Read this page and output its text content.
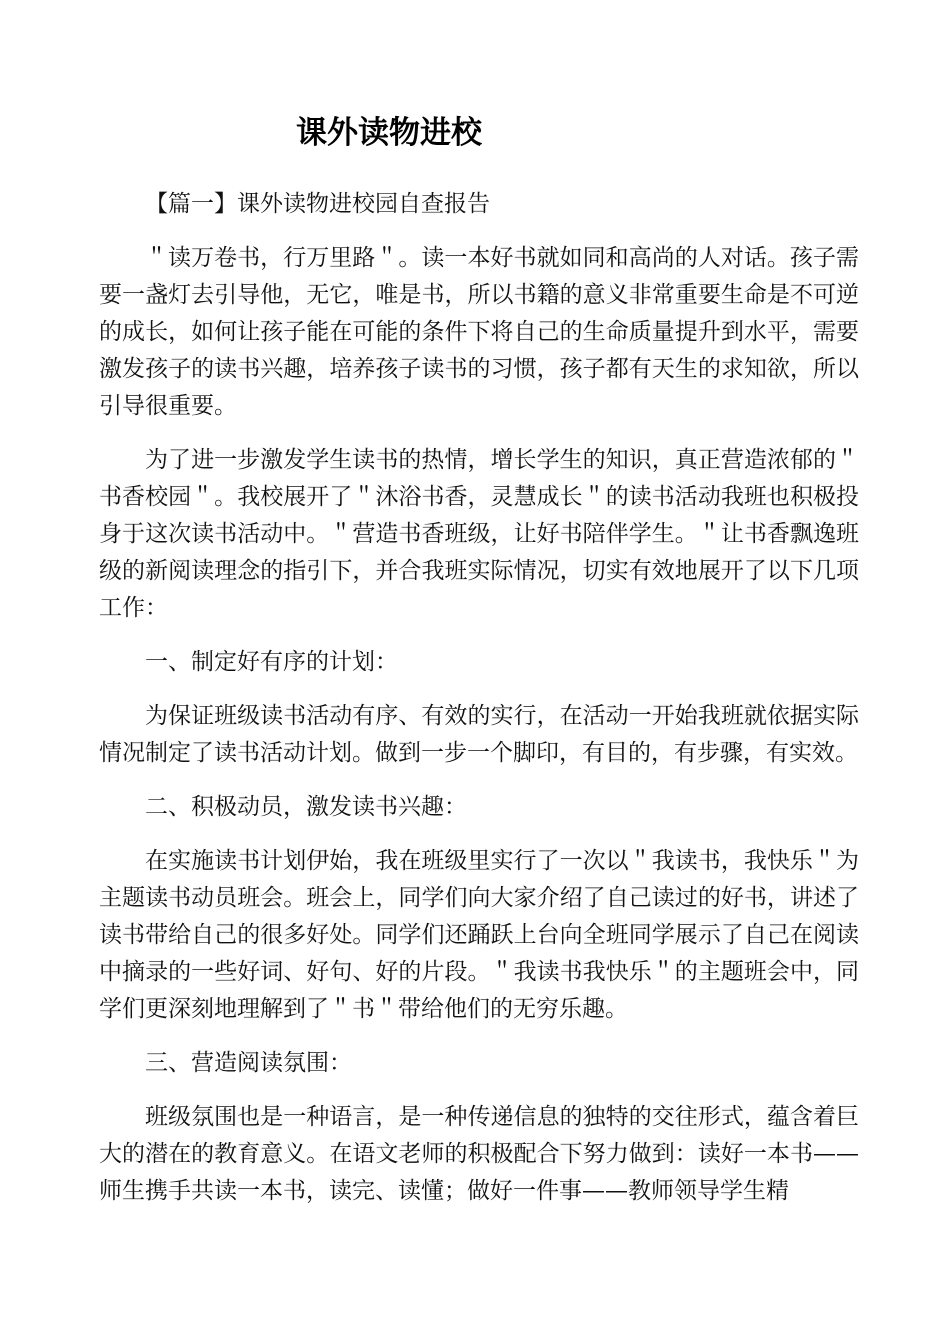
课外读物进校

【篇一】课外读物进校园自查报告

＂读万卷书，行万里路＂。读一本好书就如同和高尚的人对话。孩子需要一盏灯去引导他，无它，唯是书，所以书籍的意义非常重要生命是不可逆的成长，如何让孩子能在可能的条件下将自己的生命质量提升到水平，需要激发孩子的读书兴趣，培养孩子读书的习惯，孩子都有天生的求知欲，所以引导很重要。

为了进一步激发学生读书的热情，增长学生的知识，真正营造浓郁的＂书香校园＂。我校展开了＂沐浴书香，灵慧成长＂的读书活动我班也积极投身于这次读书活动中。＂营造书香班级，让好书陪伴学生。＂让书香飘逸班级的新阅读理念的指引下，并合我班实际情况，切实有效地展开了以下几项工作：

一、制定好有序的计划：

为保证班级读书活动有序、有效的实行，在活动一开始我班就依据实际情况制定了读书活动计划。做到一步一个脚印，有目的，有步骤，有实效。

二、积极动员，激发读书兴趣：

在实施读书计划伊始，我在班级里实行了一次以＂我读书，我快乐＂为主题读书动员班会。班会上，同学们向大家介绍了自己读过的好书，讲述了读书带给自己的很多好处。同学们还踊跃上台向全班同学展示了自己在阅读中摘录的一些好词、好句、好的片段。＂我读书我快乐＂的主题班会中，同学们更深刻地理解到了＂书＂带给他们的无穷乐趣。

三、营造阅读氛围：

班级氛围也是一种语言，是一种传递信息的独特的交往形式，蕴含着巨大的潜在的教育意义。在语文老师的积极配合下努力做到：读好一本书——师生携手共读一本书，读完、读懂；做好一件事——教师领导学生精
